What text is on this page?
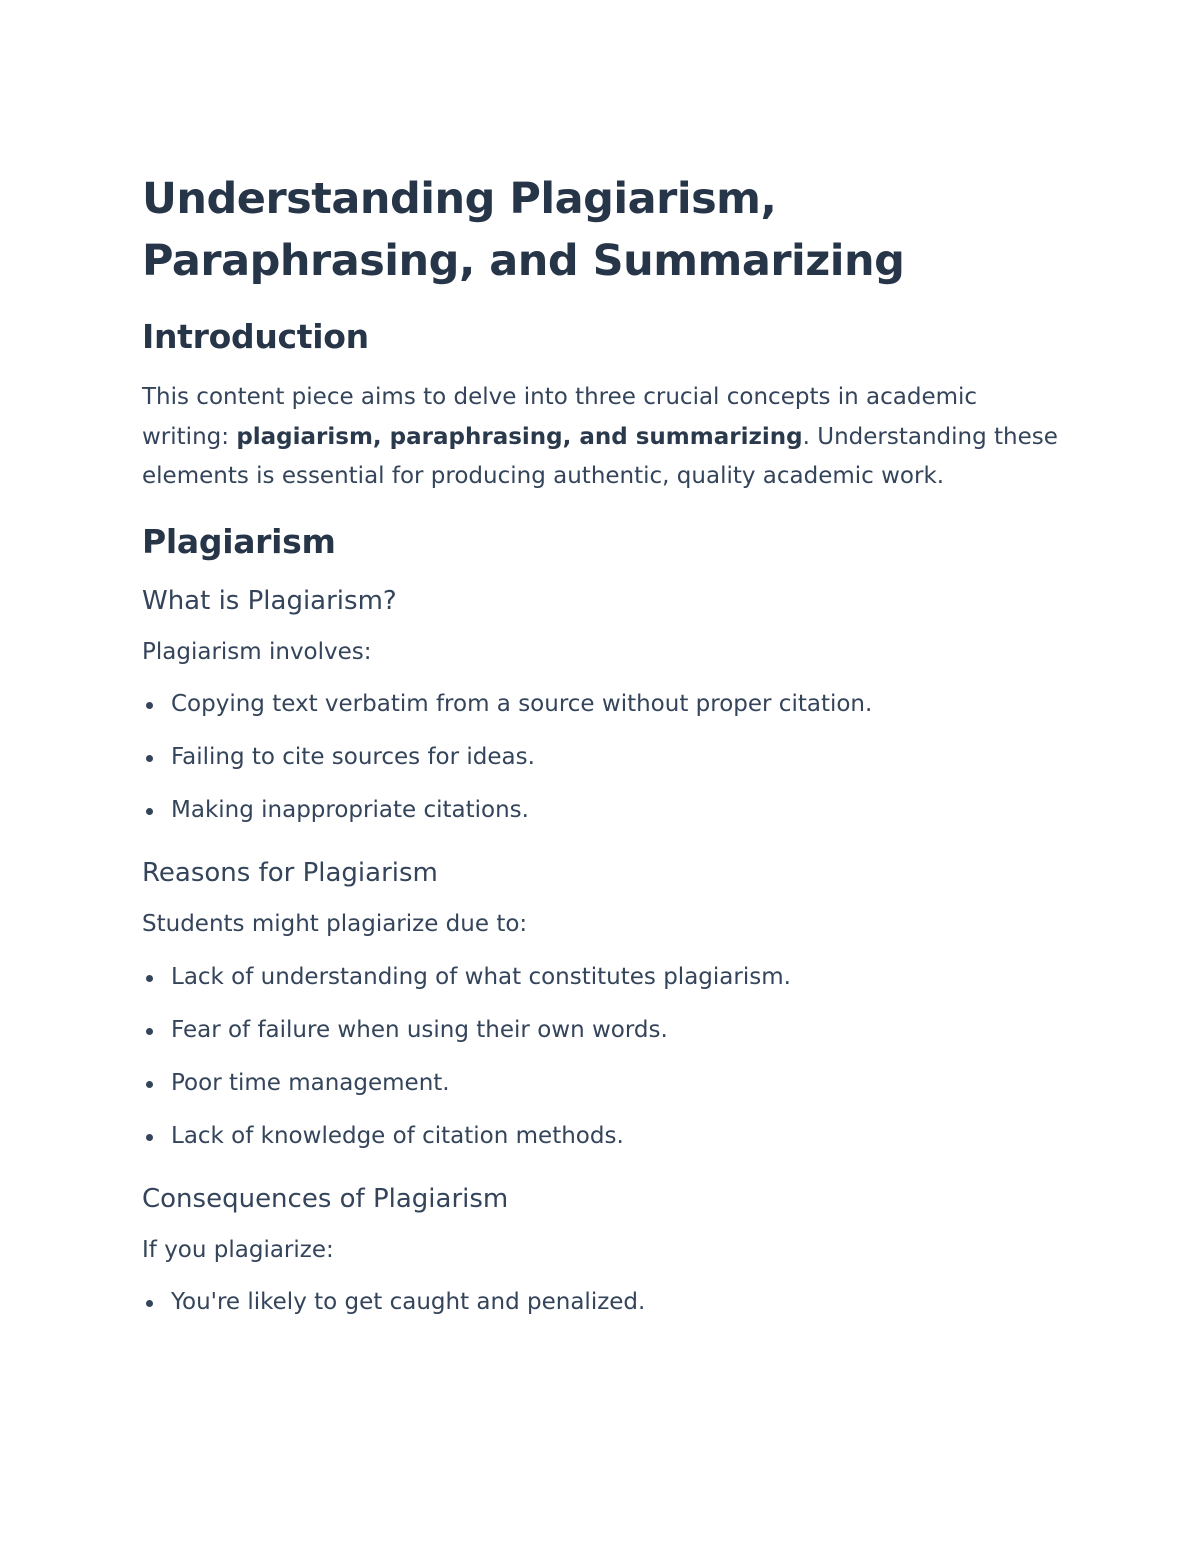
Understanding Plagiarism,
Paraphrasing, and Summarizing
Introduction

This content piece aims to delve into three crucial concepts in academic writing: plagiarism, paraphrasing, and summarizing. Understanding these elements is essential for producing authentic, quality academic work.

Plagiarism
What is Plagiarism?

Plagiarism involves:

Copying text verbatim from a source without proper citation.
Failing to cite sources for ideas.
Making inappropriate citations.
Reasons for Plagiarism

Students might plagiarize due to:

Lack of understanding of what constitutes plagiarism.
Fear of failure when using their own words.
Poor time management.
Lack of knowledge of citation methods.
Consequences of Plagiarism

If you plagiarize:

You're likely to get caught and penalized.
